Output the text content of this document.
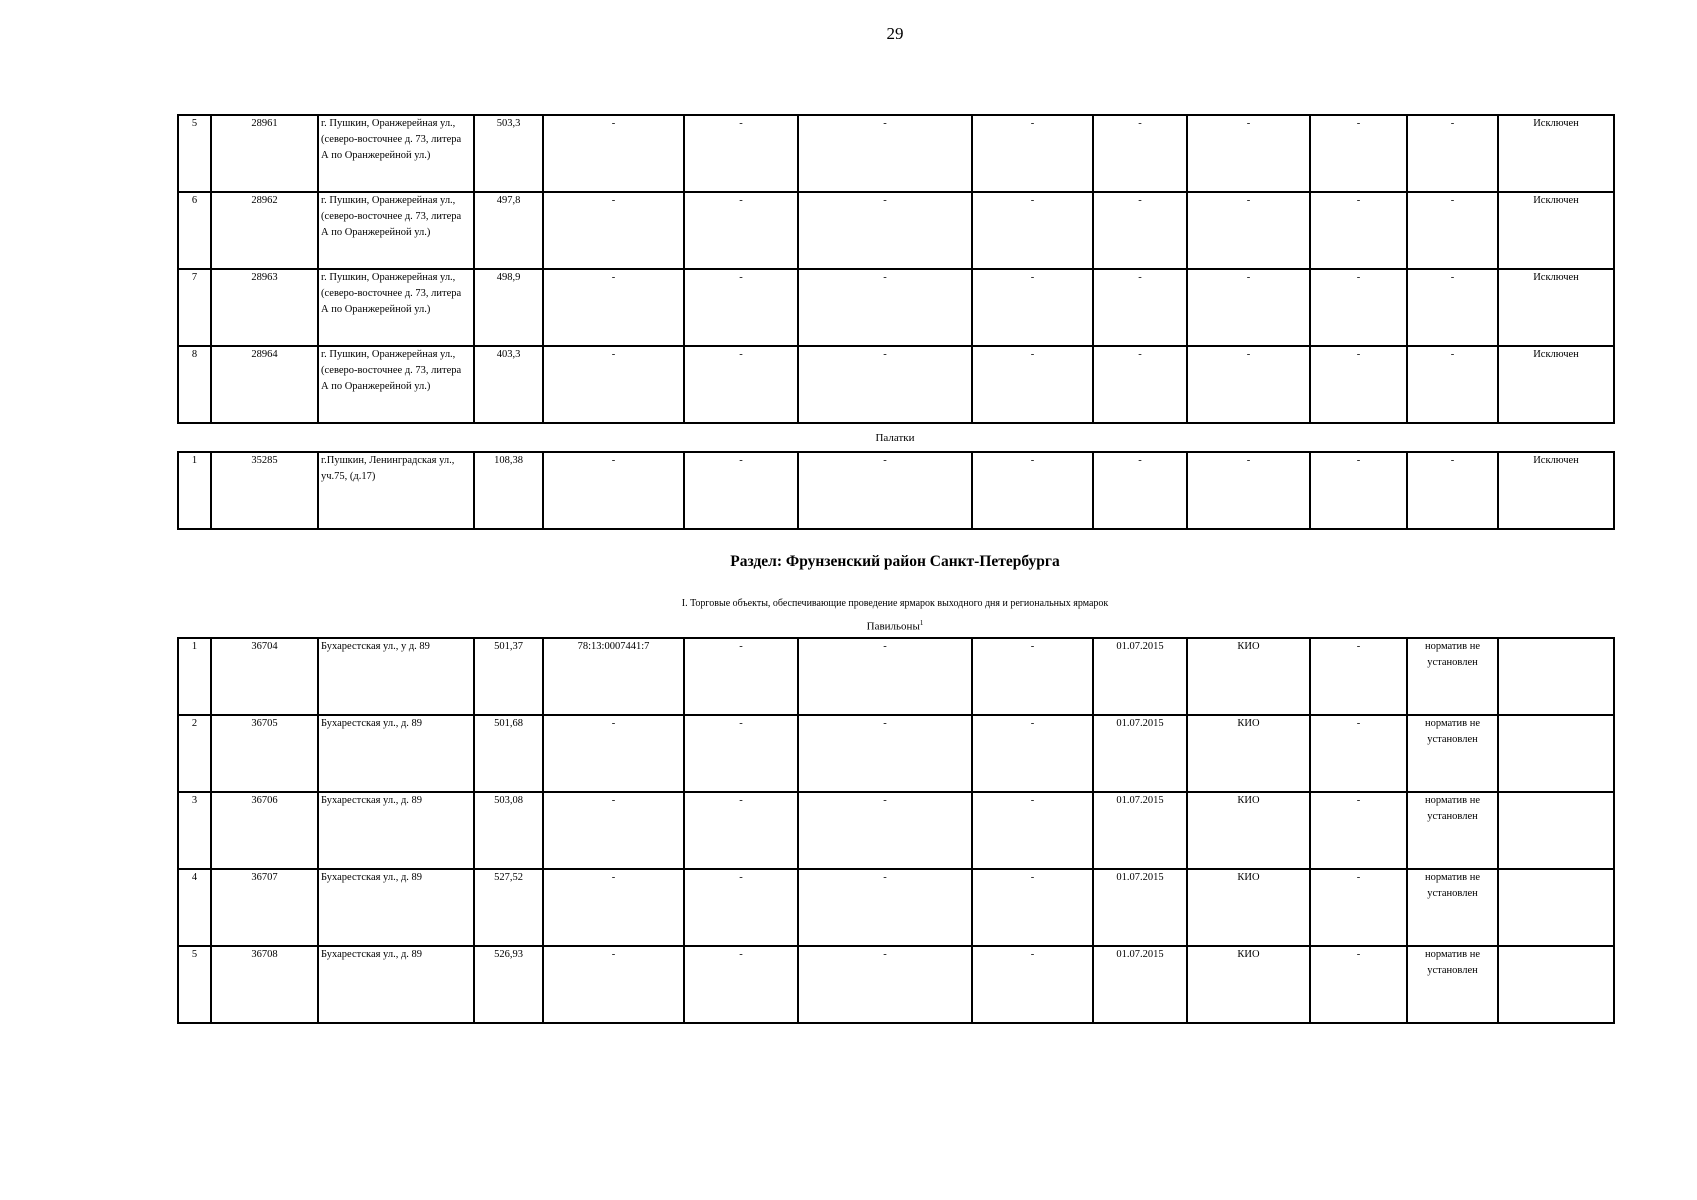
29
5	28961	г. Пушкин, Оранжерейная ул., (северо-восточнее д. 73, литера А по Оранжерейной ул.)	503,3	-	-	-	-	-	-	-	-	Исключен
6	28962	г. Пушкин, Оранжерейная ул., (северо-восточнее д. 73, литера А по Оранжерейной ул.)	497,8	-	-	-	-	-	-	-	-	Исключен
7	28963	г. Пушкин, Оранжерейная ул., (северо-восточнее д. 73, литера А по Оранжерейной ул.)	498,9	-	-	-	-	-	-	-	-	Исключен
8	28964	г. Пушкин, Оранжерейная ул., (северо-восточнее д. 73, литера А по Оранжерейной ул.)	403,3	-	-	-	-	-	-	-	-	Исключен
Палатки
1	35285	г.Пушкин, Ленинградская ул., уч.75, (д.17)	108,38	-	-	-	-	-	-	-	-	Исключен
Раздел: Фрунзенский район Санкт-Петербурга
I. Торговые объекты, обеспечивающие проведение ярмарок выходного дня и региональных ярмарок
Павильоны$^1$
1	36704	Бухарестская ул., у д. 89	501,37	78:13:0007441:7	-	-	-	01.07.2015	КИО	-	норматив не установлен	
2	36705	Бухарестская ул., д. 89	501,68	-	-	-	-	01.07.2015	КИО	-	норматив не установлен	
3	36706	Бухарестская ул., д. 89	503,08	-	-	-	-	01.07.2015	КИО	-	норматив не установлен	
4	36707	Бухарестская ул., д. 89	527,52	-	-	-	-	01.07.2015	КИО	-	норматив не установлен	
5	36708	Бухарестская ул., д. 89	526,93	-	-	-	-	01.07.2015	КИО	-	норматив не установлен	
